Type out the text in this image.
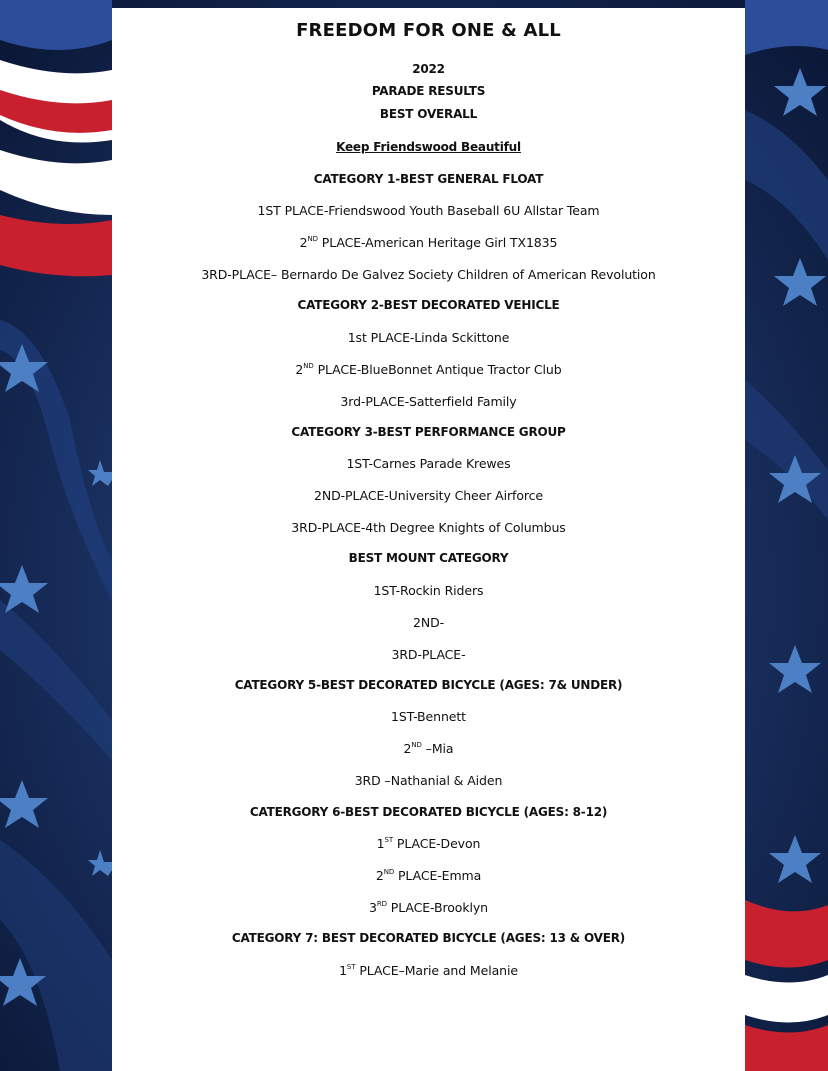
FREEDOM FOR ONE & ALL
2022
PARADE RESULTS
BEST OVERALL
Keep Friendswood Beautiful
CATEGORY 1-BEST GENERAL FLOAT
1ST PLACE-Friendswood Youth Baseball 6U Allstar Team
2ND PLACE-American Heritage Girl TX1835
3RD-PLACE– Bernardo De Galvez Society Children of American Revolution
CATEGORY 2-BEST DECORATED VEHICLE
1st PLACE-Linda Sckittone
2ND PLACE-BlueBonnet Antique Tractor Club
3rd-PLACE-Satterfield Family
CATEGORY 3-BEST PERFORMANCE GROUP
1ST-Carnes Parade Krewes
2ND-PLACE-University Cheer Airforce
3RD-PLACE-4th Degree Knights of Columbus
BEST MOUNT CATEGORY
1ST-Rockin Riders
2ND-
3RD-PLACE-
CATEGORY 5-BEST DECORATED BICYCLE (AGES: 7& UNDER)
1ST-Bennett
2ND –Mia
3RD –Nathanial & Aiden
CATERGORY 6-BEST DECORATED BICYCLE (AGES: 8-12)
1ST PLACE-Devon
2ND PLACE-Emma
3RD PLACE-Brooklyn
CATEGORY 7: BEST DECORATED BICYCLE (AGES: 13 & OVER)
1ST PLACE–Marie and Melanie
